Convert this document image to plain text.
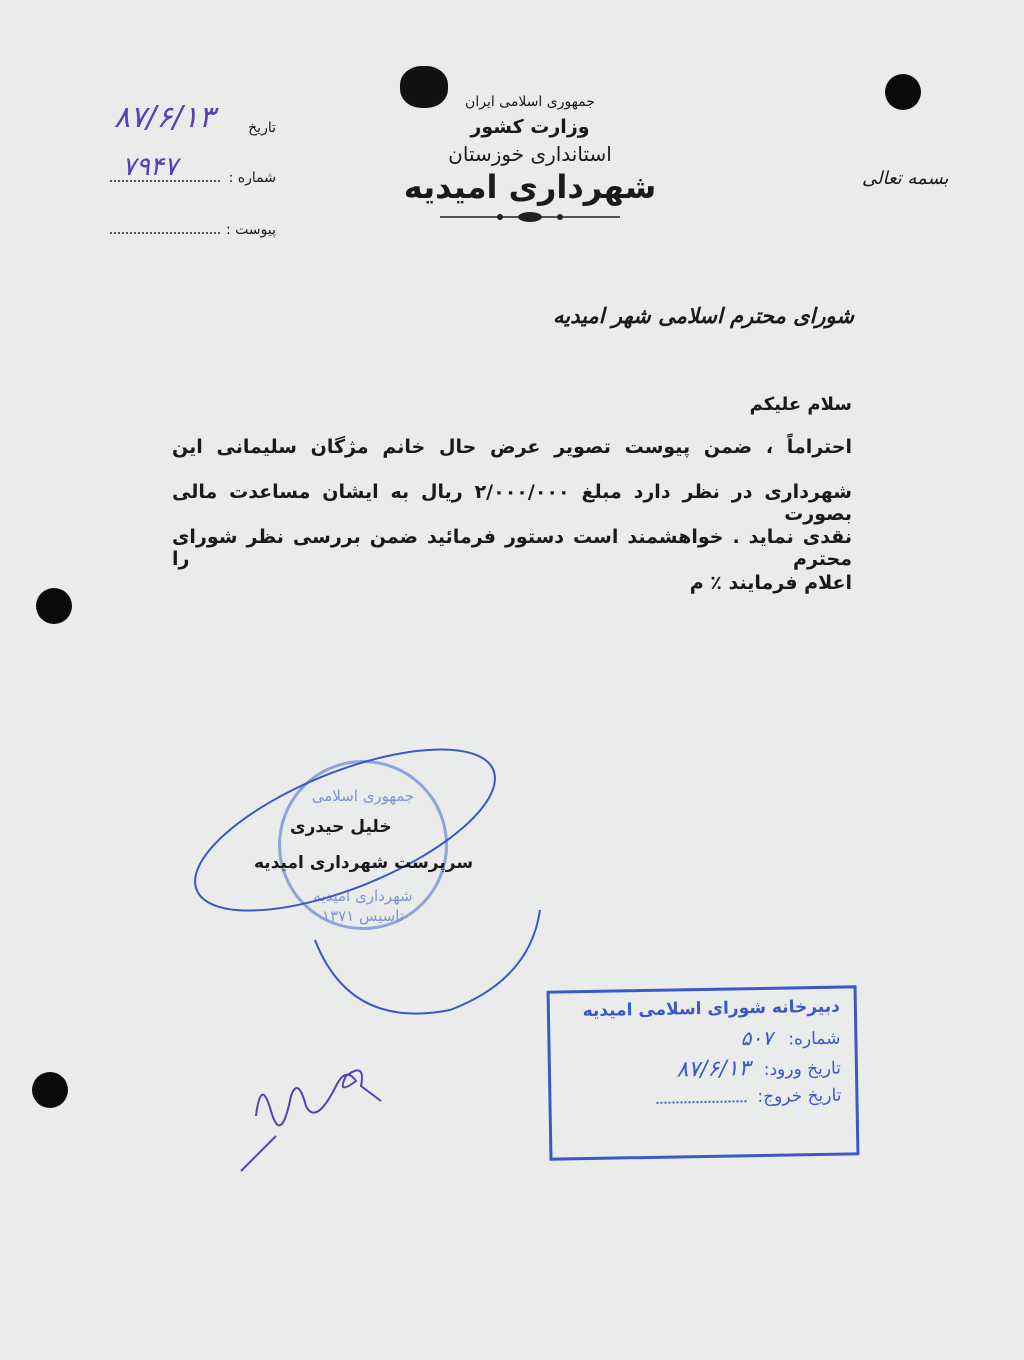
بسمه تعالی
جمهوری اسلامی ایران
وزارت کشور
استانداری خوزستان
شهرداری امیدیه
تاریخ
۸۷/۶/۱۳
شماره :
۷۹۴۷
پیوست :
شورای محترم اسلامی شهر امیدیه
سلام علیکم
احتراماً ، ضمن پیوست تصویر عرض حال خانم مژگان سلیمانی این
شهرداری در نظر دارد مبلغ ۲/۰۰۰/۰۰۰ ریال به ایشان مساعدت مالی بصورت
نقدی نماید . خواهشمند است دستور فرمائید ضمن بررسی نظر شورای محترم را
اعلام فرمایند ٪ م
جمهوری اسلامی
شهرداری امیدیه
تاسیس ۱۳۷۱
خلیل حیدری
سرپرست شهرداری امیدیه
دبیرخانه شورای اسلامی امیدیه
شماره: ۵۰۷
تاریخ ورود: ۸۷/۶/۱۳
تاریخ خروج:
